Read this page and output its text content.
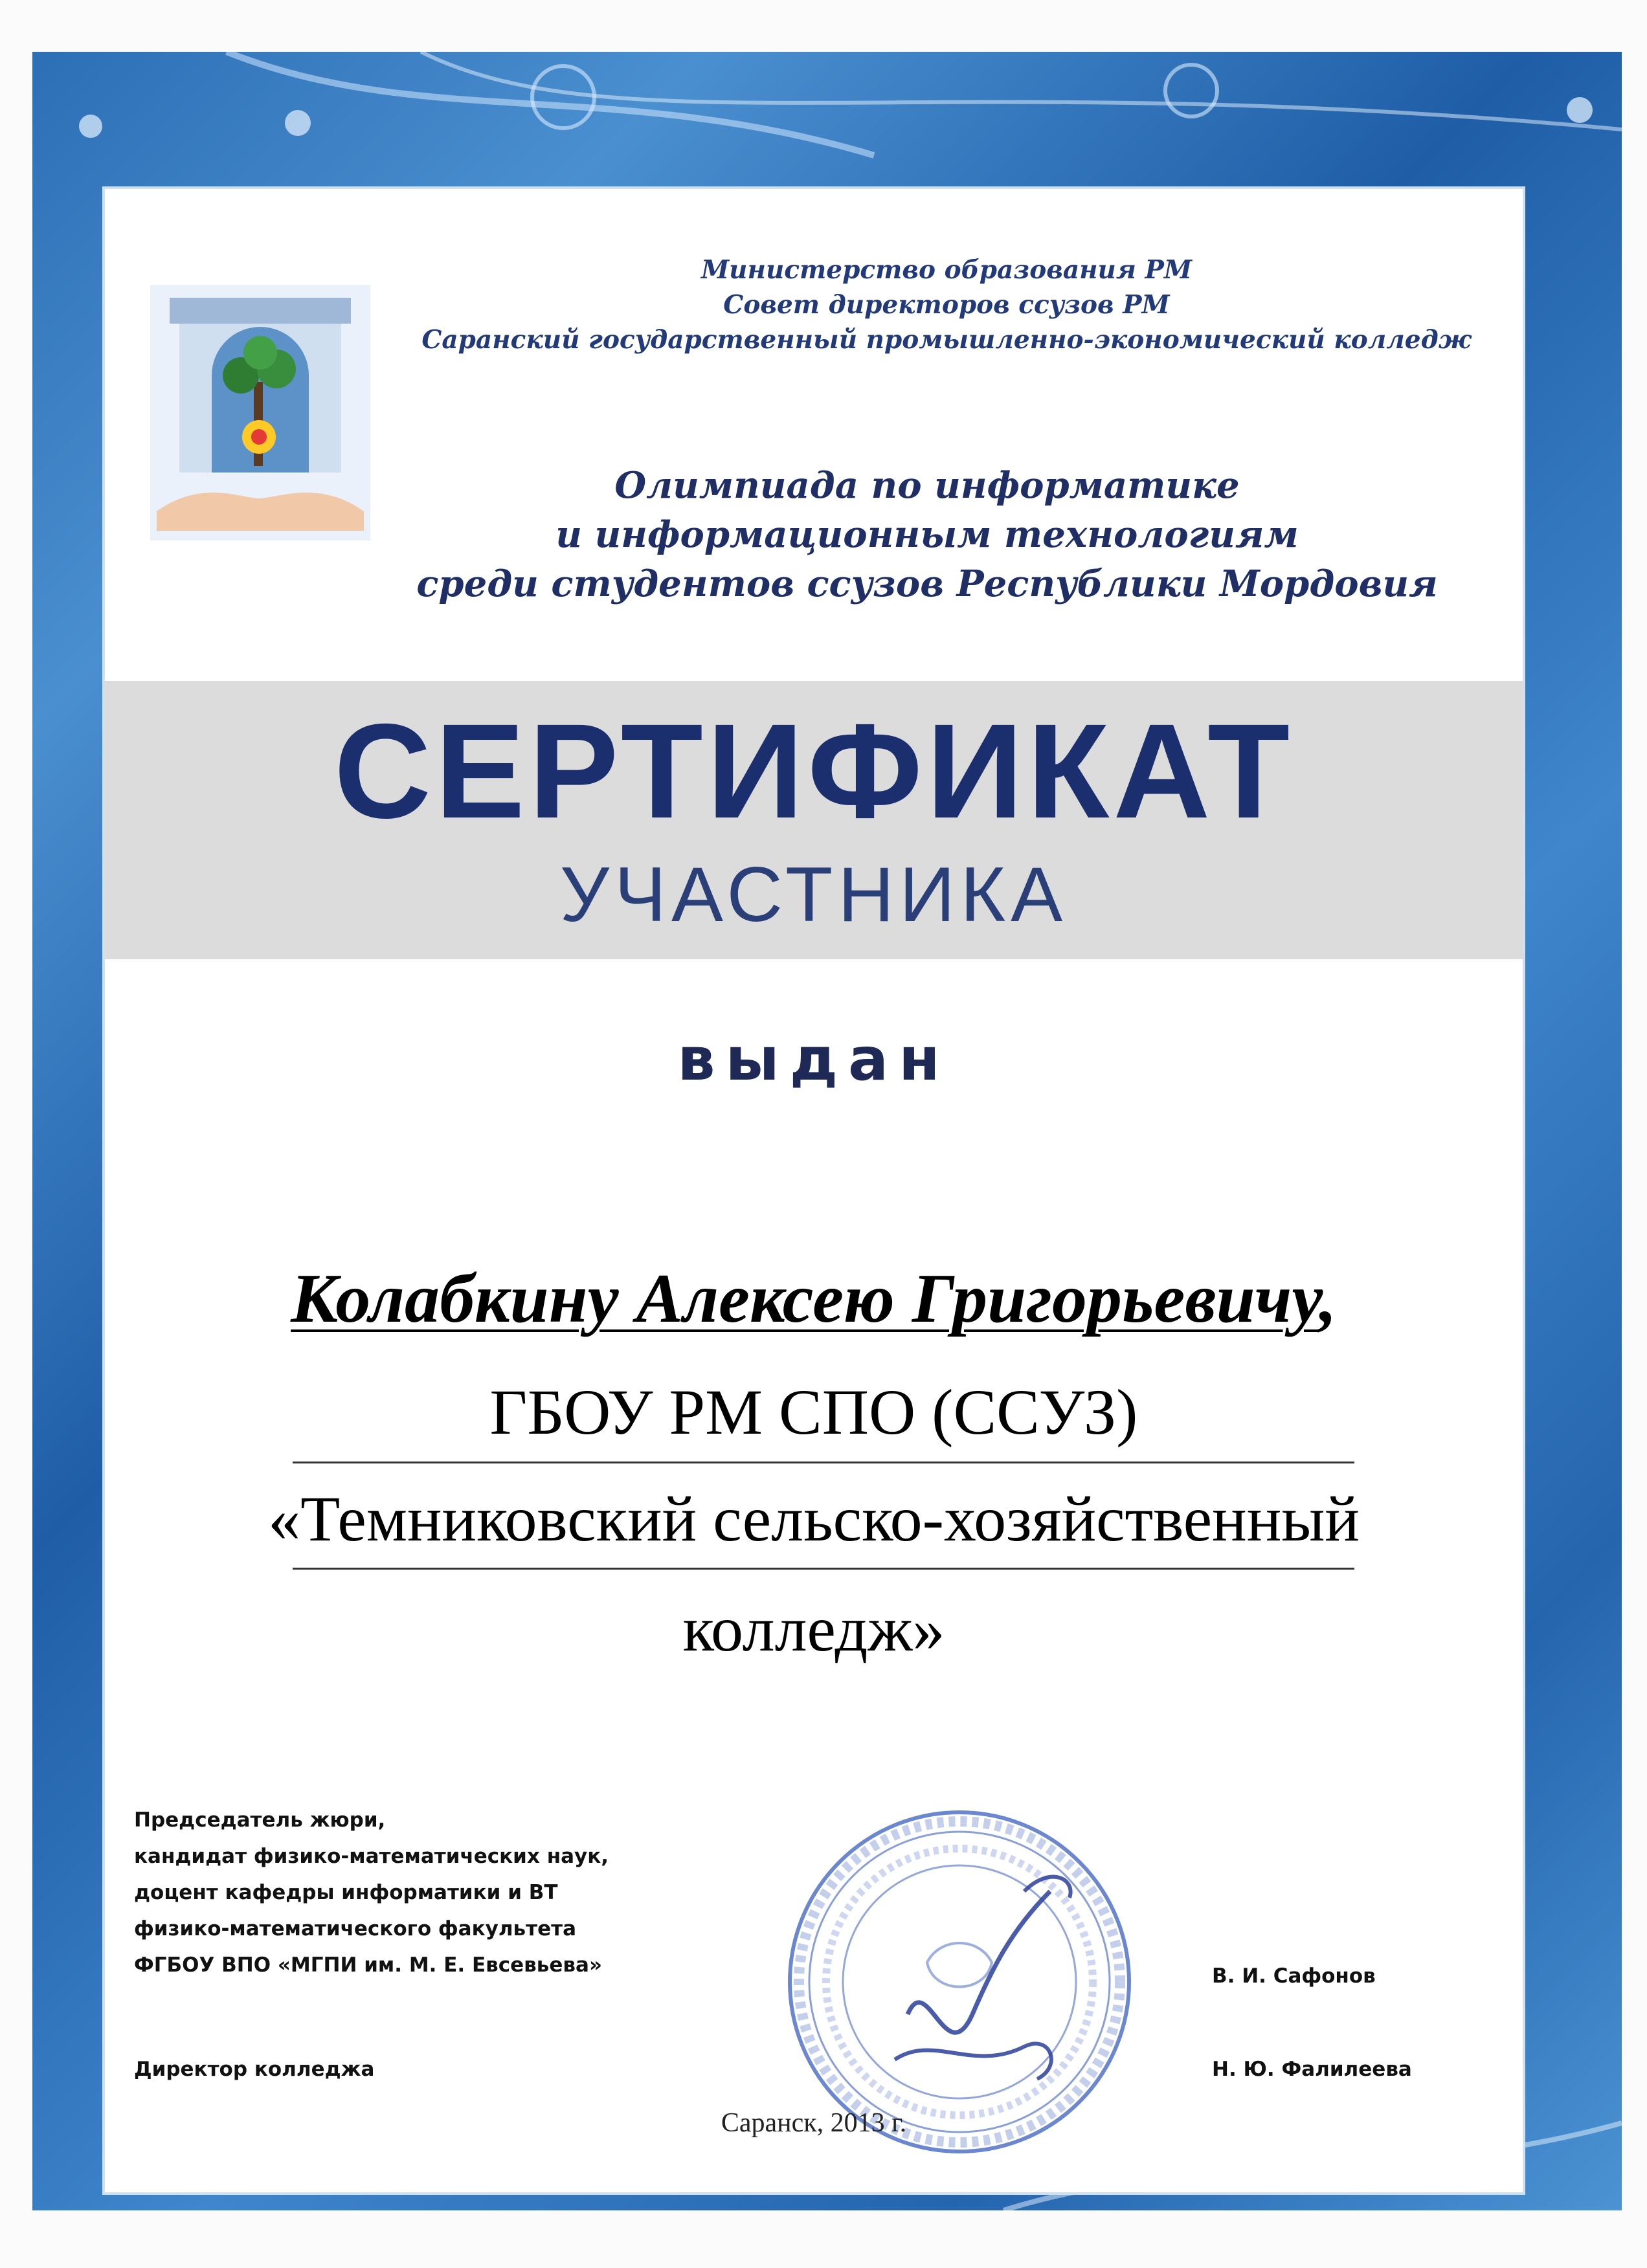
Министерство образования РМ
Совет директоров ссузов РМ
Саранский государственный промышленно-экономический колледж
Олимпиада по информатике
и информационным технологиям
среди студентов ссузов Республики Мордовия
СЕРТИФИКАТ
УЧАСТНИКА
выдан
Колабкину Алексею Григорьевичу,
ГБОУ РМ СПО (ССУЗ)
«Темниковский сельско-хозяйственный
колледж»
Председатель жюри,
кандидат физико-математических наук,
доцент кафедры информатики и ВТ
физико-математического факультета
ФГБОУ ВПО «МГПИ им. М. Е. Евсевьева»	В. И. Сафонов
Директор колледжа	Н. Ю. Фалилеева
Саранск, 2013 г.
